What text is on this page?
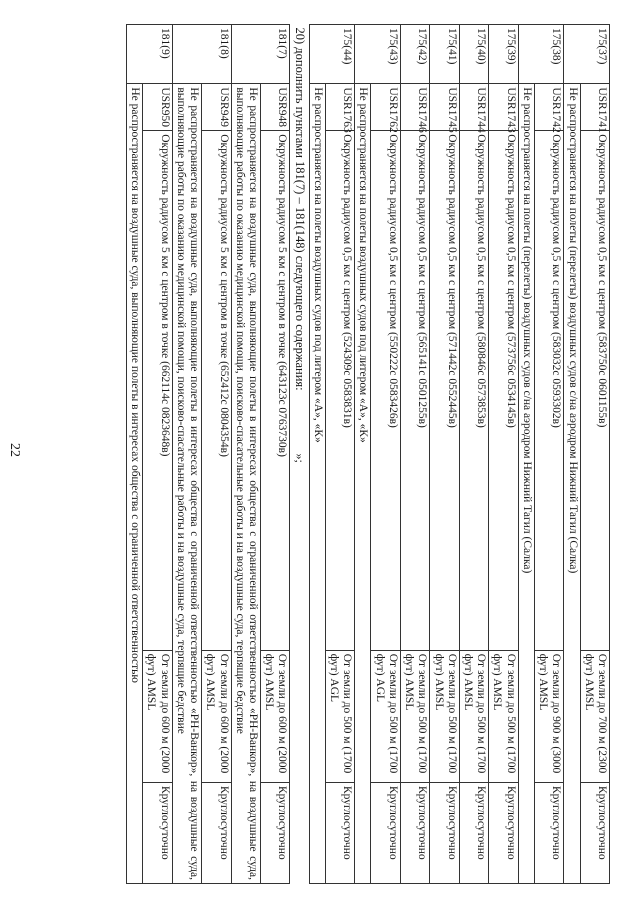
22
175(37)	USR1741	Окружность радиусом 0,5 км с центром (583750с 0601155в)	От земли до 700 м (2300 фут) AMSL	Круглосуточно
	Не распространяется на полеты (перелеты) воздушных судов с/на аэродром Нижний Тагил (Салка)			
175(38)	USR1742	Окружность радиусом 0,5 км с центром (583032с 0593302в)	От земли до 900 м (3000 фут) AMSL	Круглосуточно
	Не распространяется на полеты (перелеты) воздушных судов с/на аэродром Нижний Тагил (Салка)			
175(39)	USR1743	Окружность радиусом 0,5 км с центром (573756с 0534145в)	От земли до 500 м (1700 фут) AMSL	Круглосуточно
175(40)	USR1744	Окружность радиусом 0,5 км с центром (580846с 0573853в)	От земли до 500 м (1700 фут) AMSL	Круглосуточно
175(41)	USR1745	Окружность радиусом 0,5 км с центром (571442с 0552445в)	От земли до 500 м (1700 фут) AMSL	Круглосуточно
175(42)	USR1746	Окружность радиусом 0,5 км с центром (565141с 0501255в)	От земли до 500 м (1700 фут) AMSL	Круглосуточно
175(43)	USR1762	Окружность радиусом 0,5 км с центром (550222с 0583426в)	От земли до 500 м (1700 фут) AGL	Круглосуточно
	Не распространяется на полеты воздушных судов под литером «А», «К»			
175(44)	USR1763	Окружность радиусом 0,5 км с центром (524309с 0583831в)	От земли до 500 м (1700 фут) AGL	Круглосуточно
	Не распространяется на полеты воздушных судов под литером «А», «К»			
20) дополнить пунктами 181(7) – 181(148) следующего содержания: »;				
181(7)	USR948	Окружность радиусом 5 км с центром в точке (643123с 0763730в)	От земли до 600 м (2000 фут) AMSL	Круглосуточно
	Не распространяется на воздушные суда, выполняющие полеты в интересах общества с ограниченной ответственностью «РН-Ванкор», на воздушные суда, выполняющие работы по оказанию медицинской помощи, поисково-спасательные работы и на воздушные суда, терпящие бедствие			
181(8)	USR949	Окружность радиусом 5 км с центром в точке (652412с 0804354в)	От земли до 600 м (2000 фут) AMSL	Круглосуточно
	Не распространяется на воздушные суда, выполняющие полеты в интересах общества с ограниченной ответственностью «РН-Ванкор», на воздушные суда, выполняющие работы по оказанию медицинской помощи, поисково-спасательные работы и на воздушные суда, терпящие бедствие			
181(9)	USR950	Окружность радиусом 5 км с центром в точке (662114с 0823648в)	От земли до 600 м (2000 фут) AMSL	Круглосуточно
	Не распространяется на воздушные суда, выполняющие полеты в интересах общества с ограниченной ответственностью			
